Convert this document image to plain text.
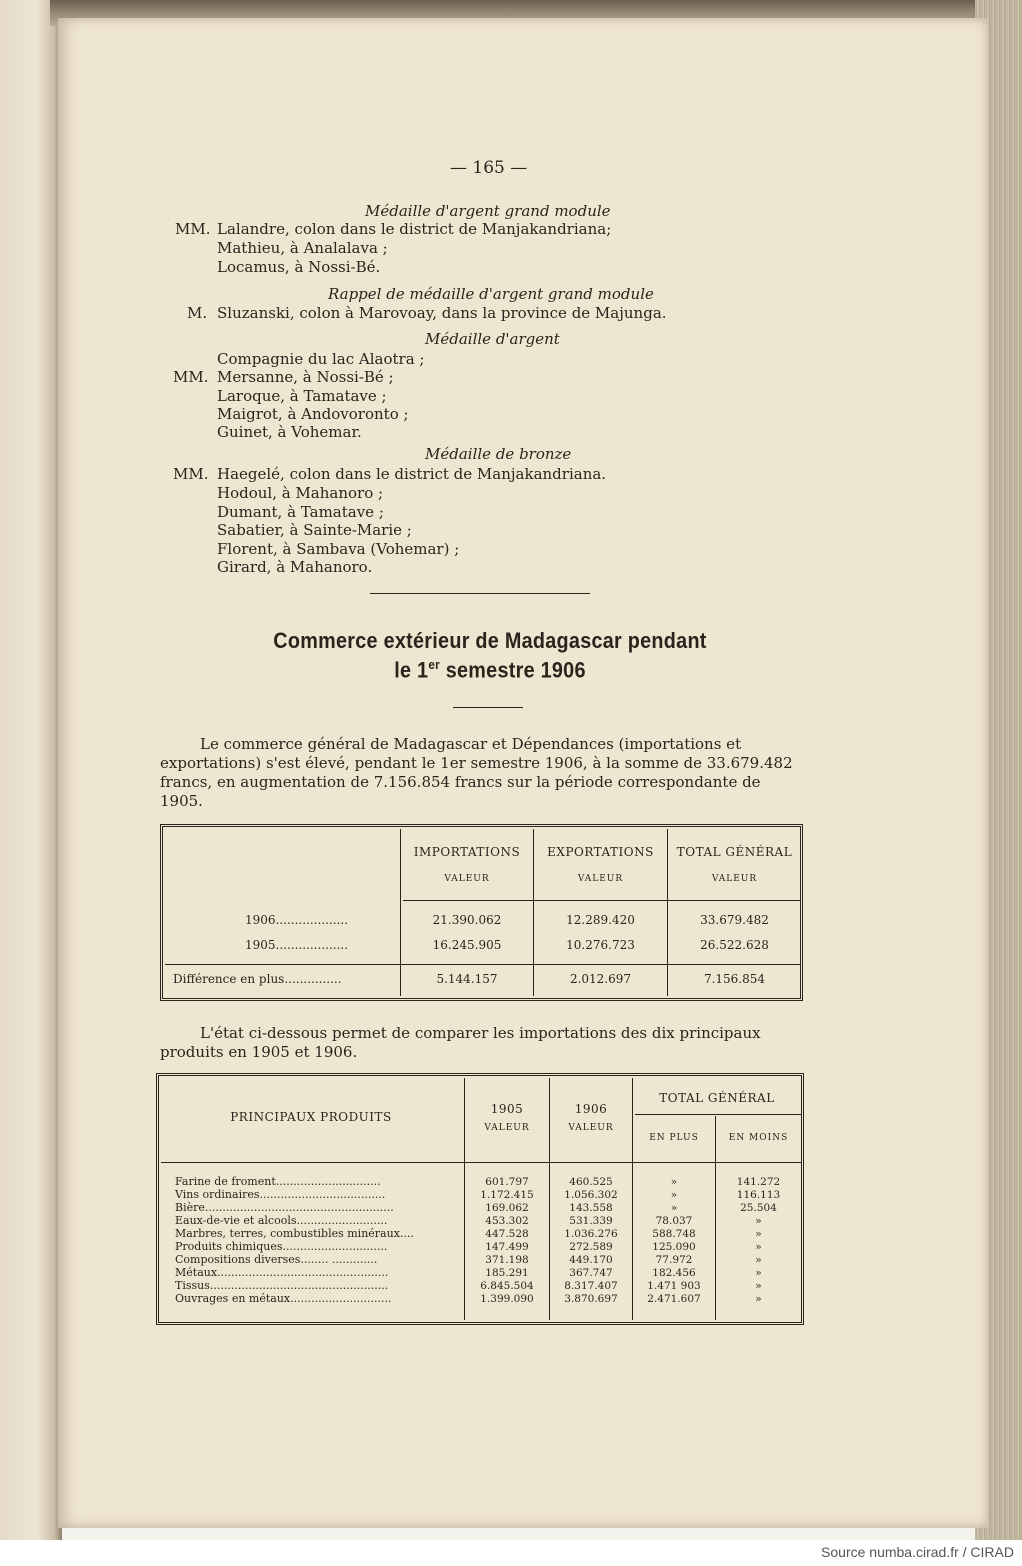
— 165 —
Médaille d'argent grand module
MM. Lalandre, colon dans le district de Manjakandriana;
Mathieu, à Analalava ;
Locamus, à Nossi-Bé.
Rappel de médaille d'argent grand module
M. Sluzanski, colon à Marovoay, dans la province de Majunga.
Médaille d'argent
Compagnie du lac Alaotra ;
MM. Mersanne, à Nossi-Bé ;
Laroque, à Tamatave ;
Maigrot, à Andovoronto ;
Guinet, à Vohemar.
Médaille de bronze
MM. Haegelé, colon dans le district de Manjakandriana.
Hodoul, à Mahanoro ;
Dumant, à Tamatave ;
Sabatier, à Sainte-Marie ;
Florent, à Sambava (Vohemar) ;
Girard, à Mahanoro.
Commerce extérieur de Madagascar pendant
le 1er semestre 1906
Le commerce général de Madagascar et Dépendances (importations et
exportations) s'est élevé, pendant le 1er semestre 1906, à la somme de 33.679.482
francs, en augmentation de 7.156.854 francs sur la période correspondante de
1905.
IMPORTATIONS	EXPORTATIONS	TOTAL GÉNÉRAL
VALEUR	VALEUR	VALEUR
1906...................	21.390.062	12.289.420	33.679.482
1905...................	16.245.905	10.276.723	26.522.628
Différence en plus...............	5.144.157	2.012.697	7.156.854
L'état ci-dessous permet de comparer les importations des dix principaux
produits en 1905 et 1906.
PRINCIPAUX PRODUITS
1905
VALEUR
1906
VALEUR
TOTAL GÉNÉRAL
EN PLUS	EN MOINS
Farine de froment..............................	601.797	460.525	»	141.272
Vins ordinaires....................................	1.172.415	1.056.302	»	116.113
Bière......................................................	169.062	143.558	»	25.504
Eaux-de-vie et alcools..........................	453.302	531.339	78.037	»
Marbres, terres, combustibles minéraux....	447.528	1.036.276	588.748	»
Produits chimiques..............................	147.499	272.589	125.090	»
Compositions diverses........ .............	371.198	449.170	77.972	»
Métaux.................................................	185.291	367.747	182.456	»
Tissus...................................................	6.845.504	8.317.407	1.471 903	»
Ouvrages en métaux.............................	1.399.090	3.870.697	2.471.607	»
Source numba.cirad.fr / CIRAD
